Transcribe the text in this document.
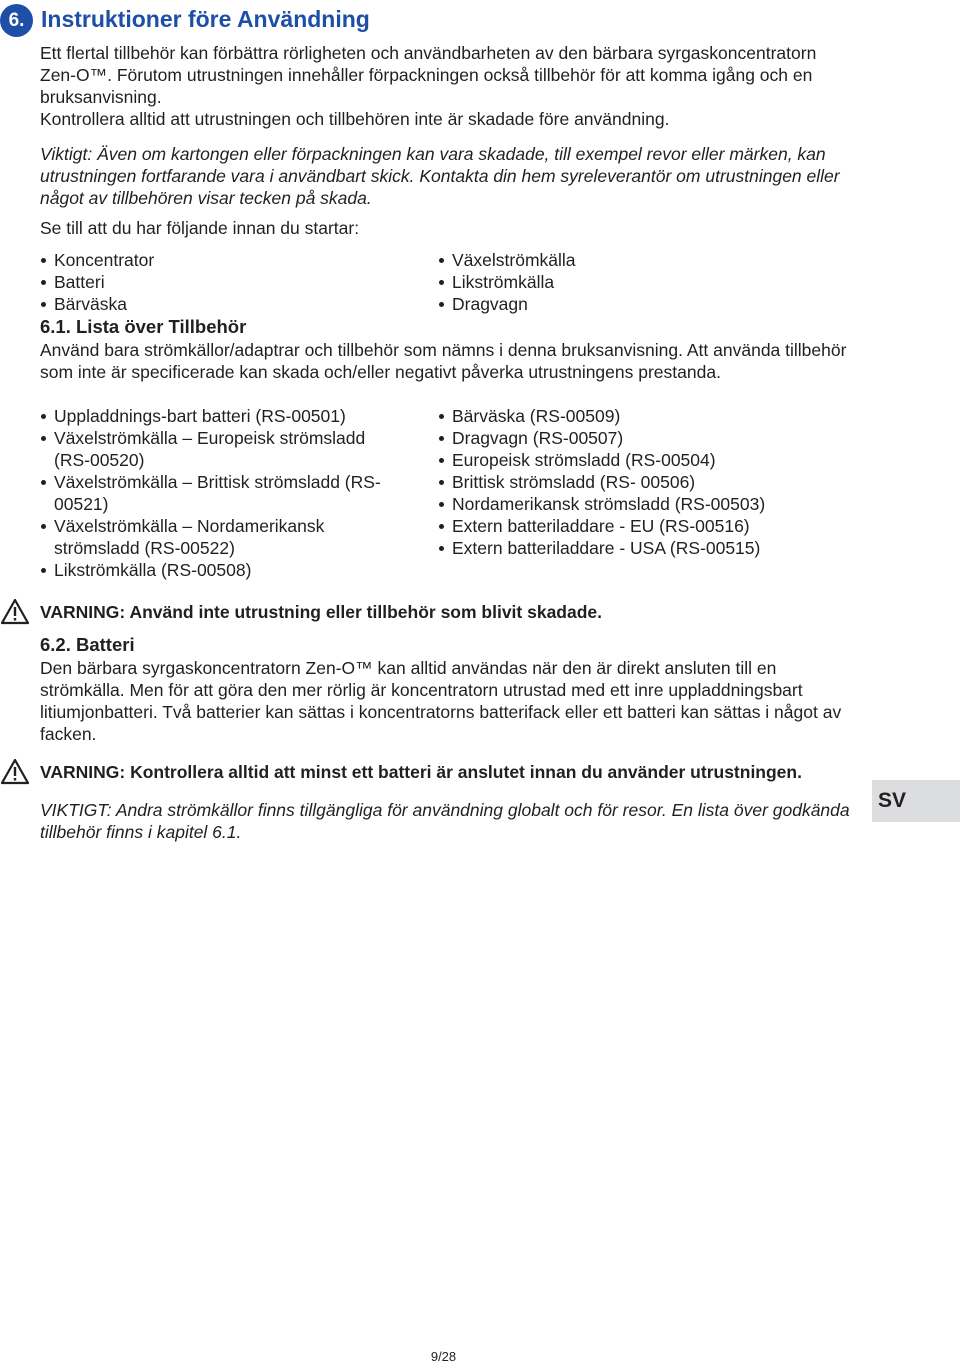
6. Instruktioner före Användning

Ett flertal tillbehör kan förbättra rörligheten och användbarheten av den bärbara syrgaskoncentratorn Zen-O™. Förutom utrustningen innehåller förpackningen också tillbehör för att komma igång och en bruksanvisning.

Kontrollera alltid att utrustningen och tillbehören inte är skadade före användning.

Viktigt: Även om kartongen eller förpackningen kan vara skadade, till exempel revor eller märken, kan utrustningen fortfarande vara i användbart skick. Kontakta din hem syreleverantör om utrustningen eller något av tillbehören visar tecken på skada.

Se till att du har följande innan du startar:

Koncentrator
Batteri
Bärväska
Växelströmkälla
Likströmkälla
Dragvagn
6.1. Lista över Tillbehör

Använd bara strömkällor/adaptrar och tillbehör som nämns i denna bruksanvisning. Att använda tillbehör som inte är specificerade kan skada och/eller negativt påverka utrustningens prestanda.

Uppladdnings-bart batteri (RS-00501)
Växelströmkälla – Europeisk strömsladd (RS-00520)
Växelströmkälla – Brittisk strömsladd (RS-00521)
Växelströmkälla – Nordamerikansk strömsladd (RS-00522)
Likströmkälla (RS-00508)
Bärväska (RS-00509)
Dragvagn (RS-00507)
Europeisk strömsladd (RS-00504)
Brittisk strömsladd (RS- 00506)
Nordamerikansk strömsladd (RS-00503)
Extern batteriladdare - EU (RS-00516)
Extern batteriladdare - USA (RS-00515)
VARNING: Använd inte utrustning eller tillbehör som blivit skadade.
6.2. Batteri

Den bärbara syrgaskoncentratorn Zen-O™ kan alltid användas när den är direkt ansluten till en strömkälla. Men för att göra den mer rörlig är koncentratorn utrustad med ett inre uppladdningsbart litiumjonbatteri. Två batterier kan sättas i koncentratorns batterifack eller ett batteri kan sättas i något av facken.

VARNING: Kontrollera alltid att minst ett batteri är anslutet innan du använder utrustningen.

VIKTIGT: Andra strömkällor finns tillgängliga för användning globalt och för resor. En lista över godkända tillbehör finns i kapitel 6.1.

SV
9/28
